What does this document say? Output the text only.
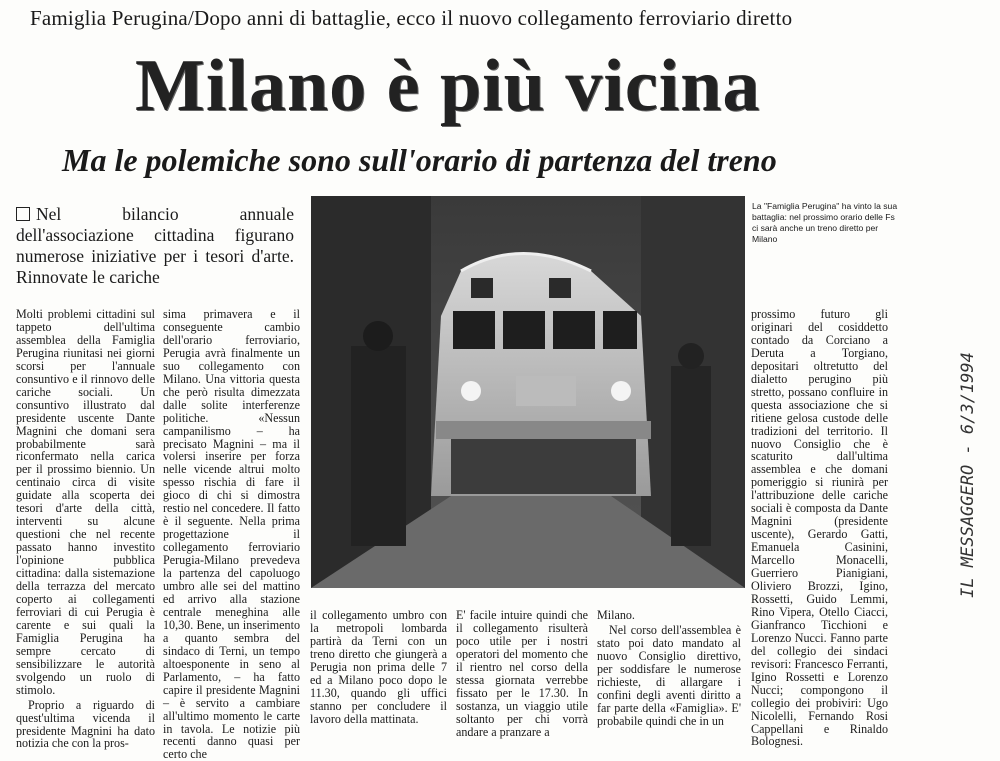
Famiglia Perugina/Dopo anni di battaglie, ecco il nuovo collegamento ferroviario diretto
Milano è più vicina
Ma le polemiche sono sull'orario di partenza del treno
Nel bilancio annuale dell'associazione cittadina figurano numerose iniziative per i tesori d'arte. Rinnovate le cariche
La "Famiglia Perugina" ha vinto la sua battaglia: nel prossimo orario delle Fs ci sarà anche un treno diretto per Milano
IL MESSAGGERO - 6/3/1994

Molti problemi cittadini sul tappeto dell'ultima assemblea della Famiglia Perugina riunitasi nei giorni scorsi per l'annuale consuntivo e il rinnovo delle cariche sociali. Un consuntivo illustrato dal presidente uscente Dante Magnini che domani sera probabilmente sarà riconfermato nella carica per il prossimo biennio. Un centinaio circa di visite guidate alla scoperta dei tesori d'arte della città, interventi su alcune questioni che nel recente passato hanno investito l'opinione pubblica cittadina: dalla sistemazione della terrazza del mercato coperto ai collegamenti ferroviari di cui Perugia è carente e sui quali la Famiglia Perugina ha sempre cercato di sensibilizzare le autorità svolgendo un ruolo di stimolo.

Proprio a riguardo di quest'ultima vicenda il presidente Magnini ha dato notizia che con la pros-

sima primavera e il conseguente cambio dell'orario ferroviario, Perugia avrà finalmente un suo collegamento con Milano. Una vittoria questa che però risulta dimezzata dalle solite interferenze politiche. «Nessun campanilismo – ha precisato Magnini – ma il volersi inserire per forza nelle vicende altrui molto spesso rischia di fare il gioco di chi si dimostra restio nel concedere. Il fatto è il seguente. Nella prima progettazione il collegamento ferroviario Perugia-Milano prevedeva la partenza del capoluogo umbro alle sei del mattino ed arrivo alla stazione centrale meneghina alle 10,30. Bene, un inserimento a quanto sembra del sindaco di Terni, un tempo altoesponente in seno al Parlamento, – ha fatto capire il presidente Magnini – è servito a cambiare all'ultimo momento le carte in tavola. Le notizie più recenti danno quasi per certo che

il collegamento umbro con la metropoli lombarda partirà da Terni con un treno diretto che giungerà a Perugia non prima delle 7 ed a Milano poco dopo le 11.30, quando gli uffici stanno per concludere il lavoro della mattinata.

E' facile intuire quindi che il collegamento risulterà poco utile per i nostri operatori del momento che il rientro nel corso della stessa giornata verrebbe fissato per le 17.30. In sostanza, un viaggio utile soltanto per chi vorrà andare a pranzare a

Milano.

Nel corso dell'assemblea è stato poi dato mandato al nuovo Consiglio direttivo, per soddisfare le numerose richieste, di allargare i confini degli aventi diritto a far parte della «Famiglia». E' probabile quindi che in un

prossimo futuro gli originari del cosiddetto contado da Corciano a Deruta a Torgiano, depositari oltretutto del dialetto perugino più stretto, possano confluire in questa associazione che si ritiene gelosa custode delle tradizioni del territorio. Il nuovo Consiglio che è scaturito dall'ultima assemblea e che domani pomeriggio si riunirà per l'attribuzione delle cariche sociali è composta da Dante Magnini (presidente uscente), Gerardo Gatti, Emanuela Casinini, Marcello Monacelli, Guerriero Pianigiani, Oliviero Brozzi, Igino, Rossetti, Guido Lemmi, Rino Vipera, Otello Ciacci, Gianfranco Ticchioni e Lorenzo Nucci. Fanno parte del collegio dei sindaci revisori: Francesco Ferranti, Igino Rossetti e Lorenzo Nucci; compongono il collegio dei probiviri: Ugo Nicolelli, Fernando Rosi Cappellani e Rinaldo Bolognesi.
